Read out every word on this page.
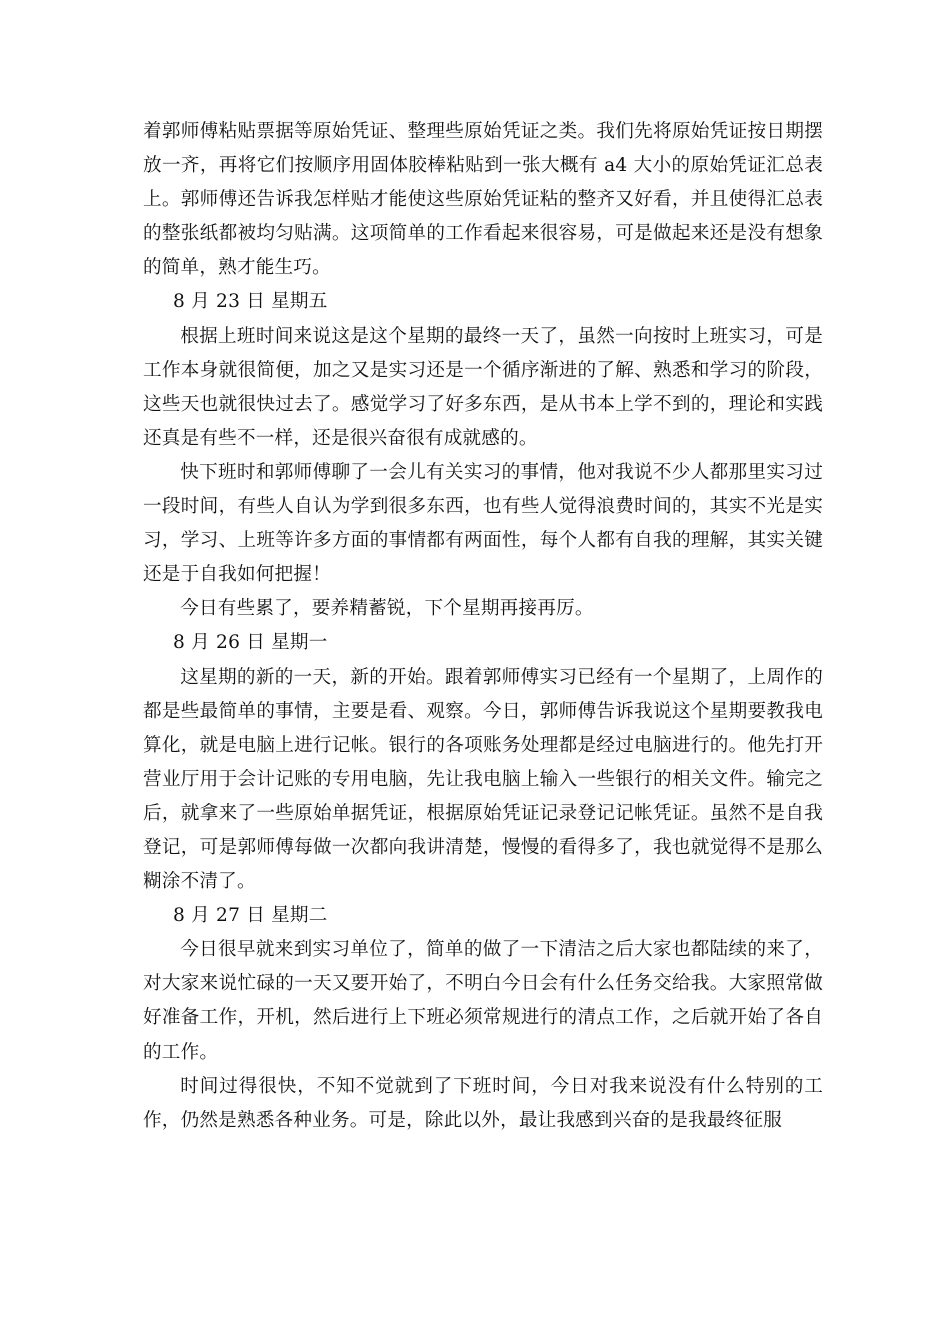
着郭师傅粘贴票据等原始凭证、整理些原始凭证之类。我们先将原始凭证按日期摆放一齐，再将它们按顺序用固体胶棒粘贴到一张大概有 a4 大小的原始凭证汇总表上。郭师傅还告诉我怎样贴才能使这些原始凭证粘的整齐又好看，并且使得汇总表的整张纸都被均匀贴满。这项简单的工作看起来很容易，可是做起来还是没有想象的简单，熟才能生巧。

8 月 23 日 星期五

根据上班时间来说这是这个星期的最终一天了，虽然一向按时上班实习，可是工作本身就很简便，加之又是实习还是一个循序渐进的了解、熟悉和学习的阶段，这些天也就很快过去了。感觉学习了好多东西，是从书本上学不到的，理论和实践还真是有些不一样，还是很兴奋很有成就感的。

快下班时和郭师傅聊了一会儿有关实习的事情，他对我说不少人都那里实习过一段时间，有些人自认为学到很多东西，也有些人觉得浪费时间的，其实不光是实习，学习、上班等许多方面的事情都有两面性，每个人都有自我的理解，其实关键还是于自我如何把握！

今日有些累了，要养精蓄锐，下个星期再接再厉。

8 月 26 日 星期一

这星期的新的一天，新的开始。跟着郭师傅实习已经有一个星期了，上周作的都是些最简单的事情，主要是看、观察。今日，郭师傅告诉我说这个星期要教我电算化，就是电脑上进行记帐。银行的各项账务处理都是经过电脑进行的。他先打开营业厅用于会计记账的专用电脑，先让我电脑上输入一些银行的相关文件。输完之后，就拿来了一些原始单据凭证，根据原始凭证记录登记记帐凭证。虽然不是自我登记，可是郭师傅每做一次都向我讲清楚，慢慢的看得多了，我也就觉得不是那么糊涂不清了。

8 月 27 日 星期二

今日很早就来到实习单位了，简单的做了一下清洁之后大家也都陆续的来了，对大家来说忙碌的一天又要开始了，不明白今日会有什么任务交给我。大家照常做好准备工作，开机，然后进行上下班必须常规进行的清点工作，之后就开始了各自的工作。

时间过得很快，不知不觉就到了下班时间，今日对我来说没有什么特别的工作，仍然是熟悉各种业务。可是，除此以外，最让我感到兴奋的是我最终征服
